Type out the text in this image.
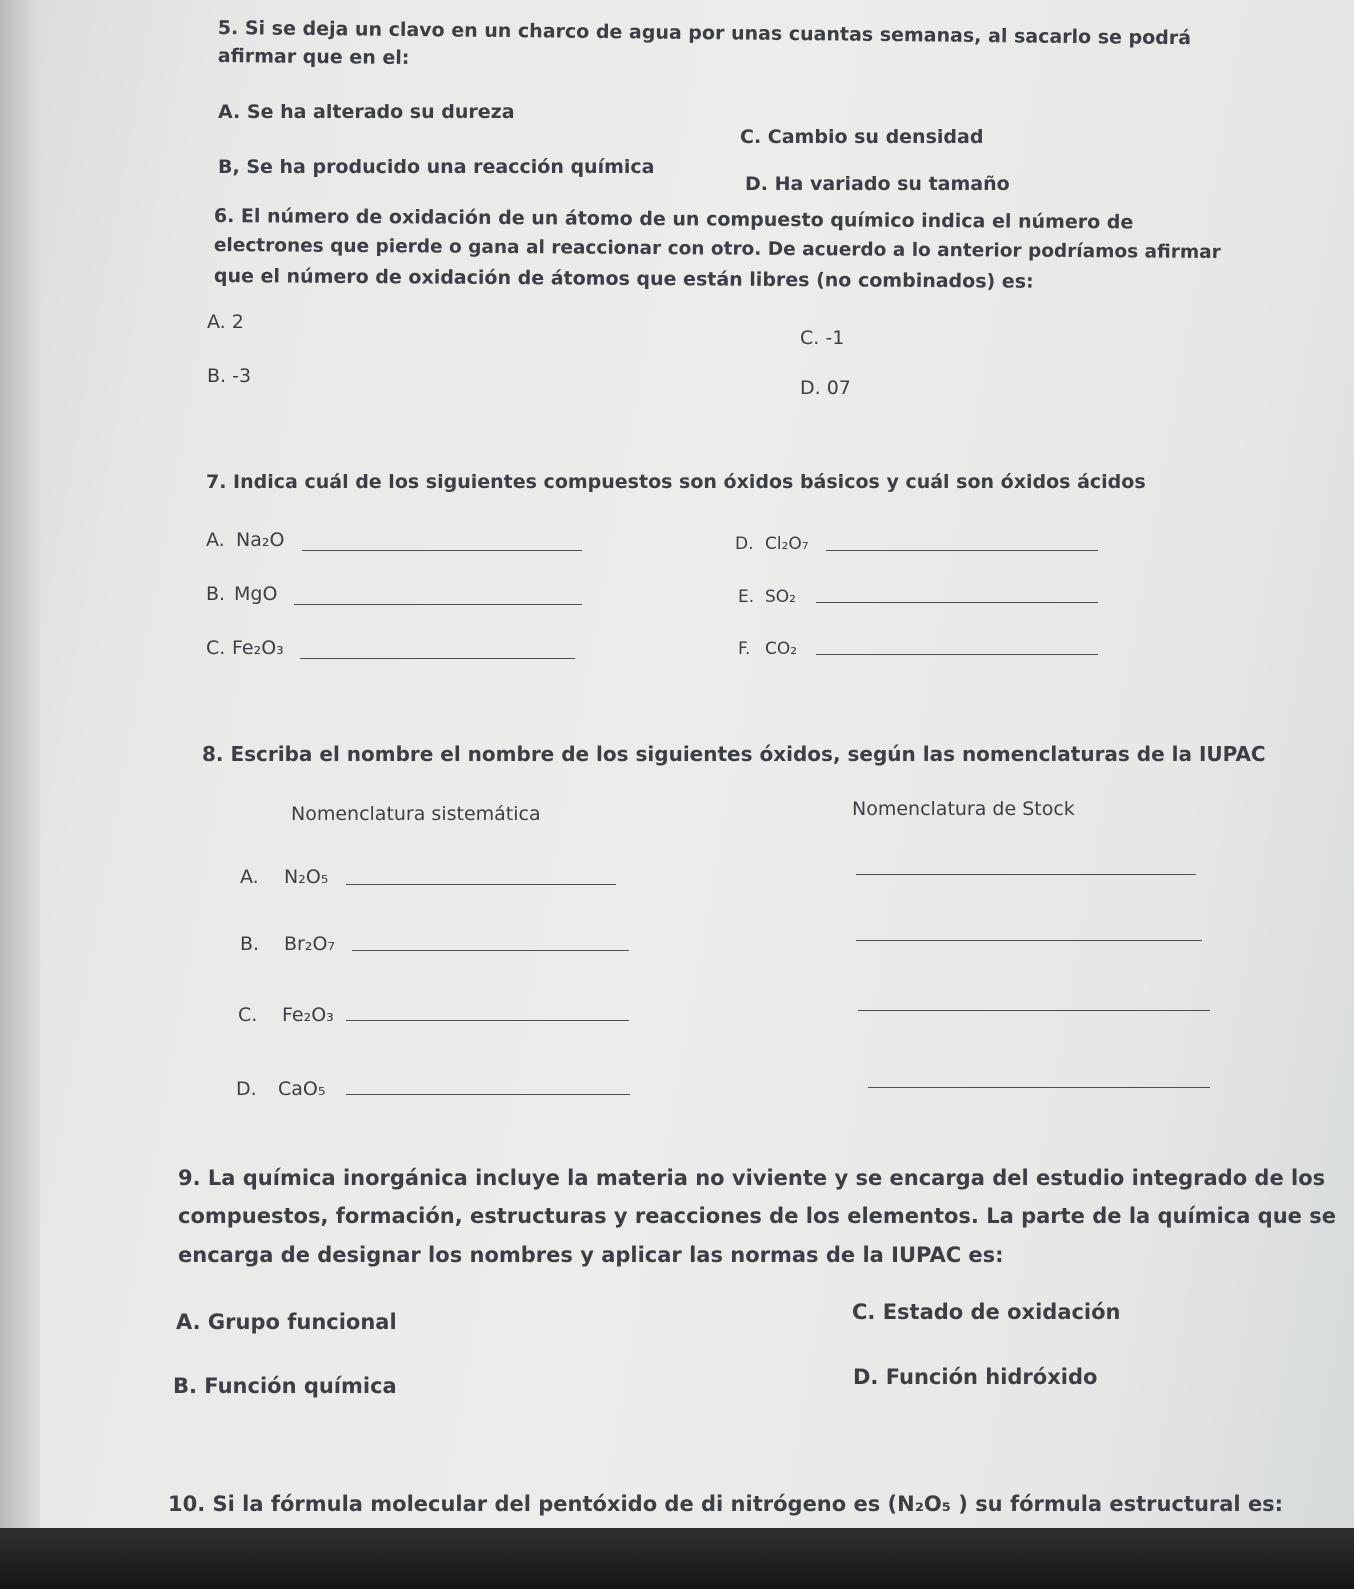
5. Si se deja un clavo en un charco de agua por unas cuantas semanas, al sacarlo se podrá
afirmar que en el:
A. Se ha alterado su dureza
C. Cambio su densidad
B, Se ha producido una reacción química
D. Ha variado su tamaño
6. El número de oxidación de un átomo de un compuesto químico indica el número de
electrones que pierde o gana al reaccionar con otro. De acuerdo a lo anterior podríamos afirmar
que el número de oxidación de átomos que están libres (no combinados) es:
A. 2
C. -1
B. -3
D. 07
7. Indica cuál de los siguientes compuestos son óxidos básicos y cuál son óxidos ácidos
A. Na₂O
B. MgO
C. Fe₂O₃
D. Cl₂O₇
E. SO₂
F. CO₂
8. Escriba el nombre el nombre de los siguientes óxidos, según las nomenclaturas de la IUPAC
Nomenclatura sistemática	Nomenclatura de Stock
A. N₂O₅
B. Br₂O₇
C. Fe₂O₃
D. CaO₅
9. La química inorgánica incluye la materia no viviente y se encarga del estudio integrado de los
compuestos, formación, estructuras y reacciones de los elementos. La parte de la química que se
encarga de designar los nombres y aplicar las normas de la IUPAC es:
A. Grupo funcional	C. Estado de oxidación
B. Función química	D. Función hidróxido
10. Si la fórmula molecular del pentóxido de di nitrógeno es (N₂O₅ ) su fórmula estructural es:
